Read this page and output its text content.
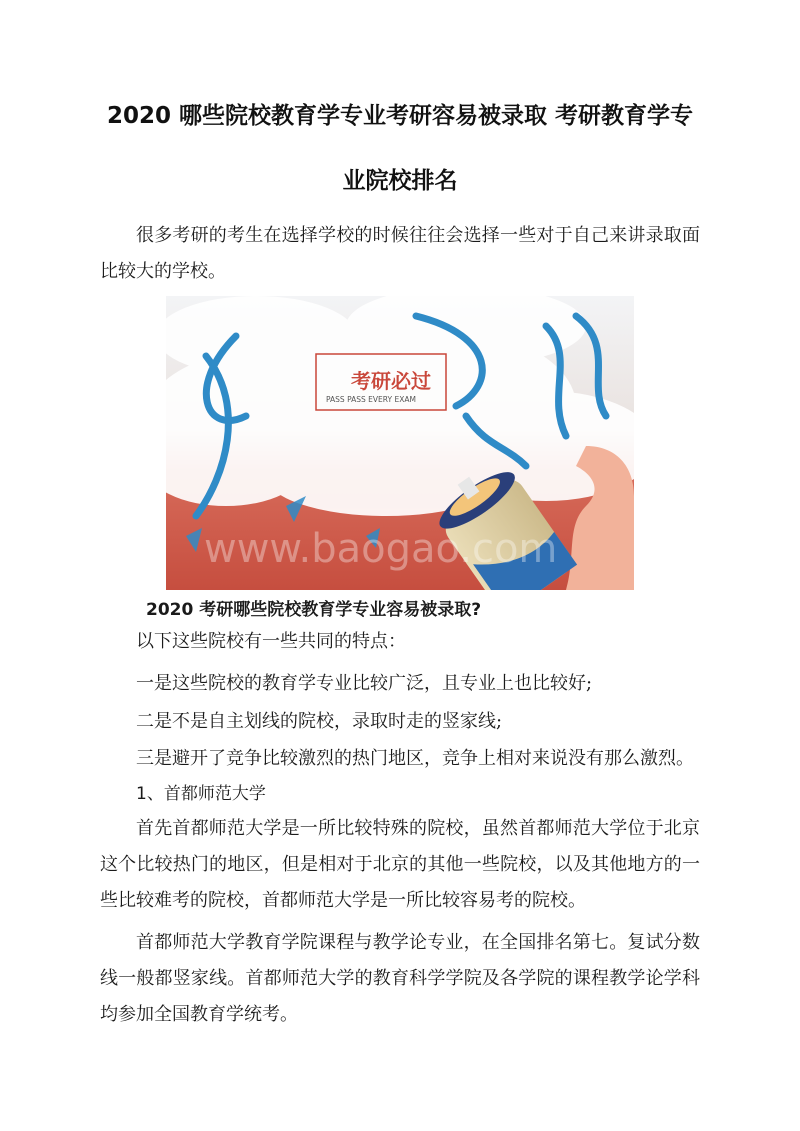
2020 哪些院校教育学专业考研容易被录取 考研教育学专
业院校排名
很多考研的考生在选择学校的时候往往会选择一些对于自己来讲录取面比较大的学校。
考研必过
PASS PASS EVERY EXAM
www.baogao.com
2020 考研哪些院校教育学专业容易被录取?
以下这些院校有一些共同的特点：
一是这些院校的教育学专业比较广泛，且专业上也比较好;
二是不是自主划线的院校，录取时走的竖家线;
三是避开了竞争比较激烈的热门地区，竞争上相对来说没有那么激烈。
1、首都师范大学
首先首都师范大学是一所比较特殊的院校，虽然首都师范大学位于北京这个比较热门的地区，但是相对于北京的其他一些院校，以及其他地方的一些比较难考的院校，首都师范大学是一所比较容易考的院校。
首都师范大学教育学院课程与教学论专业，在全国排名第七。复试分数线一般都竖家线。首都师范大学的教育科学学院及各学院的课程教学论学科均参加全国教育学统考。
